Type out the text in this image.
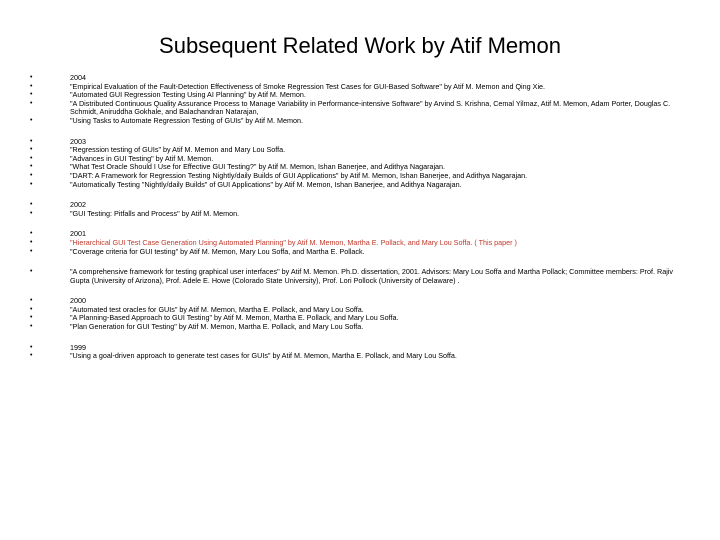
Subsequent Related Work by Atif Memon
•	2004
•	"Empirical Evaluation of the Fault-Detection Effectiveness of Smoke Regression Test Cases for GUI-Based Software" by Atif M. Memon and Qing Xie.
•	"Automated GUI Regression Testing Using AI Planning" by Atif M. Memon.
•	"A Distributed Continuous Quality Assurance Process to Manage Variability in Performance-intensive Software" by Arvind S. Krishna, Cemal Yilmaz, Atif M. Memon, Adam Porter, Douglas C. Schmidt, Aniruddha Gokhale, and Balachandran Natarajan,
•	"Using Tasks to Automate Regression Testing of GUIs" by Atif M. Memon.
•	2003
•	"Regression testing of GUIs" by Atif M. Memon and Mary Lou Soffa.
•	"Advances in GUI Testing" by Atif M. Memon.
•	"What Test Oracle Should I Use for Effective GUI Testing?" by Atif M. Memon, Ishan Banerjee, and Adithya Nagarajan.
•	"DART: A Framework for Regression Testing Nightly/daily Builds of GUI Applications" by Atif M. Memon, Ishan Banerjee, and Adithya Nagarajan.
•	"Automatically Testing "Nightly/daily Builds" of GUI Applications" by Atif M. Memon, Ishan Banerjee, and Adithya Nagarajan.
•	2002
•	"GUI Testing: Pitfalls and Process" by Atif M. Memon.
•	2001
•	"Hierarchical GUI Test Case Generation Using Automated Planning" by Atif M. Memon, Martha E. Pollack, and Mary Lou Soffa. ( This paper )
•	"Coverage criteria for GUI testing" by Atif M. Memon, Mary Lou Soffa, and Martha E. Pollack.
•	"A comprehensive framework for testing graphical user interfaces" by Atif M. Memon. Ph.D. dissertation, 2001. Advisors: Mary Lou Soffa and Martha Pollack; Committee members: Prof. Rajiv Gupta (University of Arizona), Prof. Adele E. Howe (Colorado State University), Prof. Lori Pollock (University of Delaware) .
•	2000
•	"Automated test oracles for GUIs" by Atif M. Memon, Martha E. Pollack, and Mary Lou Soffa.
•	"A Planning-Based Approach to GUI Testing" by Atif M. Memon, Martha E. Pollack, and Mary Lou Soffa.
•	"Plan Generation for GUI Testing" by Atif M. Memon, Martha E. Pollack, and Mary Lou Soffa.
•	1999
•	"Using a goal-driven approach to generate test cases for GUIs" by Atif M. Memon, Martha E. Pollack, and Mary Lou Soffa.
